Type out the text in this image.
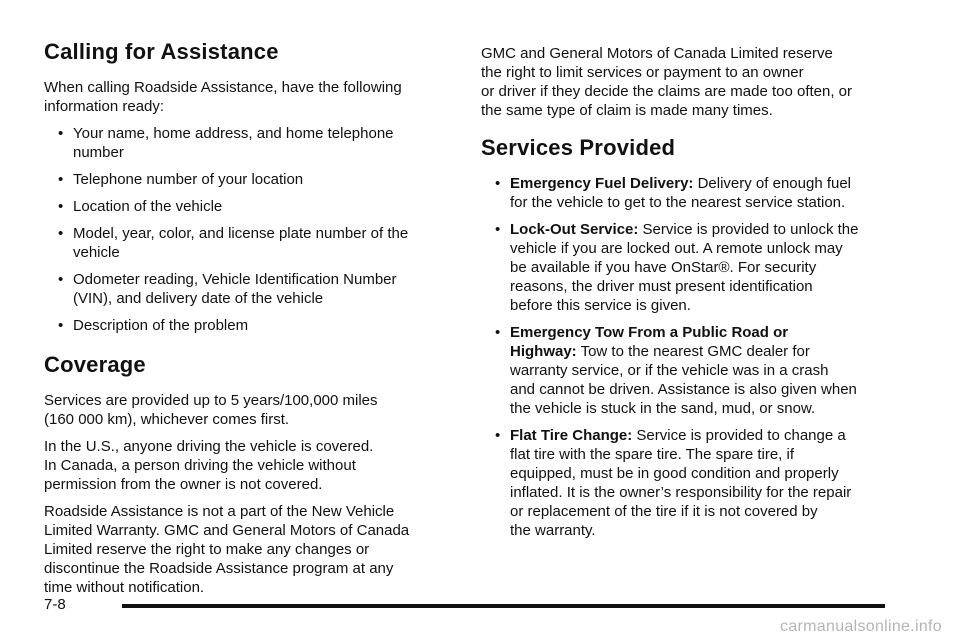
Calling for Assistance

When calling Roadside Assistance, have the following
information ready:

• Your name, home address, and home telephone
number
• Telephone number of your location
• Location of the vehicle
• Model, year, color, and license plate number of the
vehicle
• Odometer reading, Vehicle Identification Number
(VIN), and delivery date of the vehicle
• Description of the problem
Coverage

Services are provided up to 5 years/100,000 miles
(160 000 km), whichever comes first.

In the U.S., anyone driving the vehicle is covered.
In Canada, a person driving the vehicle without
permission from the owner is not covered.

Roadside Assistance is not a part of the New Vehicle
Limited Warranty. GMC and General Motors of Canada
Limited reserve the right to make any changes or
discontinue the Roadside Assistance program at any
time without notification.

GMC and General Motors of Canada Limited reserve
the right to limit services or payment to an owner
or driver if they decide the claims are made too often, or
the same type of claim is made many times.

Services Provided
• Emergency Fuel Delivery: Delivery of enough fuel
for the vehicle to get to the nearest service station.
• Lock-Out Service: Service is provided to unlock the
vehicle if you are locked out. A remote unlock may
be available if you have OnStar®. For security
reasons, the driver must present identification
before this service is given.
• Emergency Tow From a Public Road or
Highway: Tow to the nearest GMC dealer for
warranty service, or if the vehicle was in a crash
and cannot be driven. Assistance is also given when
the vehicle is stuck in the sand, mud, or snow.
• Flat Tire Change: Service is provided to change a
flat tire with the spare tire. The spare tire, if
equipped, must be in good condition and properly
inflated. It is the owner’s responsibility for the repair
or replacement of the tire if it is not covered by
the warranty.
7-8
carmanualsonline.info
